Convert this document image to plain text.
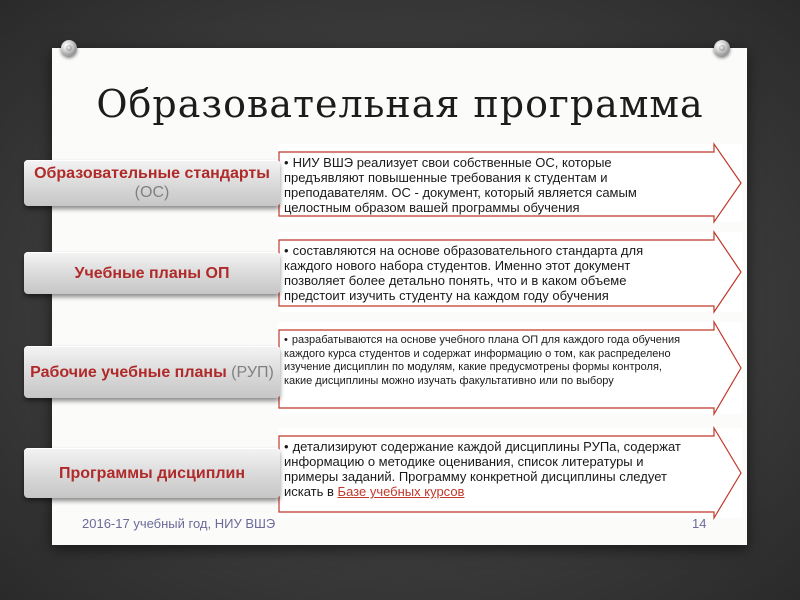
Образовательная программа
• НИУ ВШЭ реализует свои собственные ОС, которые предъявляют повышенные требования к студентам и преподавателям. ОС - документ, который является самым целостным образом вашей программы обучения
Образовательные стандарты (ОС)
• составляются на основе образовательного стандарта для каждого нового набора студентов. Именно этот документ позволяет более детально понять, что и в каком объеме предстоит изучить студенту на каждом году обучения
Учебные планы ОП
• разрабатываются на основе учебного плана ОП для каждого года обучения каждого курса студентов и содержат информацию о том, как распределено изучение дисциплин по модулям, какие предусмотрены формы контроля, какие дисциплины можно изучать факультативно или по выбору
Рабочие учебные планы (РУП)
• детализируют содержание каждой дисциплины РУПа, содержат информацию о методике оценивания, список литературы и примеры заданий. Программу конкретной дисциплины следует искать в Базе учебных курсов
Программы дисциплин
2016-17 учебный год, НИУ ВШЭ	14
